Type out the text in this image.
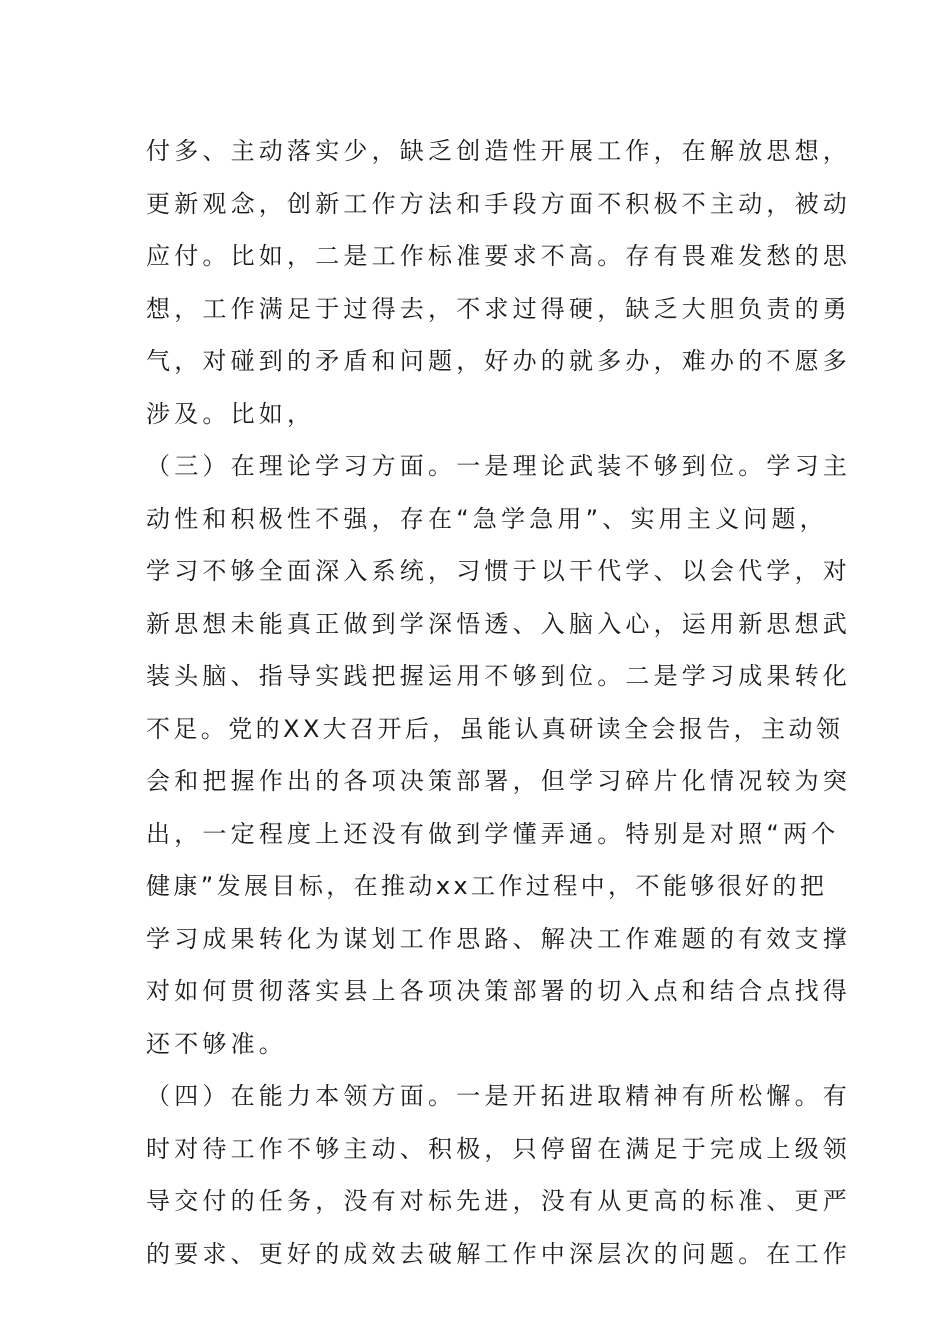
付多、主动落实少，缺乏创造性开展工作，在解放思想，
更新观念，创新工作方法和手段方面不积极不主动，被动
应付。比如，二是工作标准要求不高。存有畏难发愁的思
想，工作满足于过得去，不求过得硬，缺乏大胆负责的勇
气，对碰到的矛盾和问题，好办的就多办，难办的不愿多
涉及。比如，
（三）在理论学习方面。一是理论武装不够到位。学习主
动性和积极性不强，存在“急学急用”、实用主义问题，
学习不够全面深入系统，习惯于以干代学、以会代学，对
新思想未能真正做到学深悟透、入脑入心，运用新思想武
装头脑、指导实践把握运用不够到位。二是学习成果转化
不足。党的XX大召开后，虽能认真研读全会报告，主动领
会和把握作出的各项决策部署，但学习碎片化情况较为突
出，一定程度上还没有做到学懂弄通。特别是对照“两个
健康”发展目标，在推动xx工作过程中，不能够很好的把
学习成果转化为谋划工作思路、解决工作难题的有效支撑
对如何贯彻落实县上各项决策部署的切入点和结合点找得
还不够准。
（四）在能力本领方面。一是开拓进取精神有所松懈。有
时对待工作不够主动、积极，只停留在满足于完成上级领
导交付的任务，没有对标先进，没有从更高的标准、更严
的要求、更好的成效去破解工作中深层次的问题。在工作
